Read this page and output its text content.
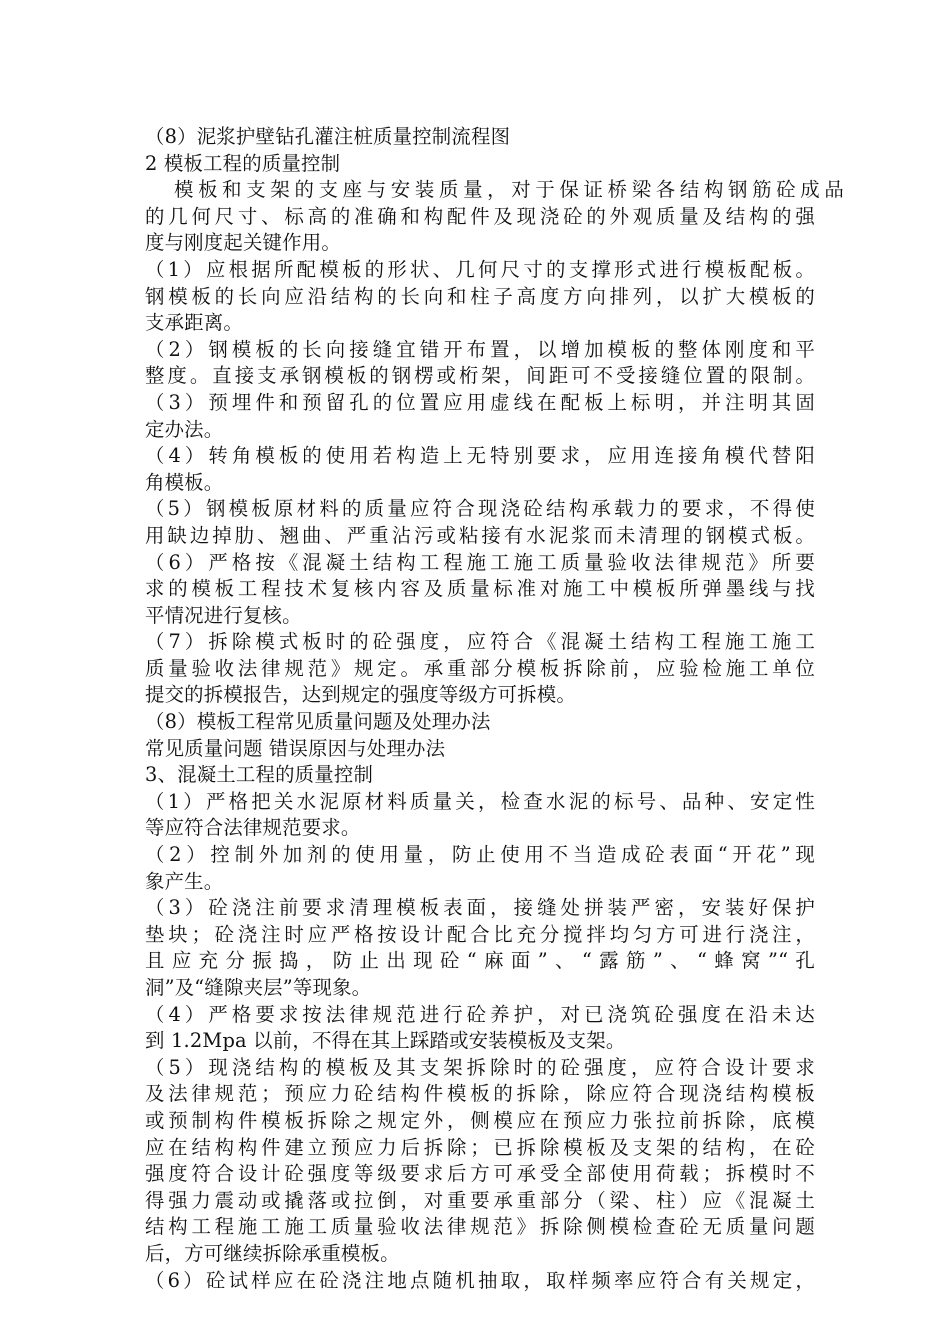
（8）泥浆护壁钻孔灌注桩质量控制流程图
2 模板工程的质量控制
模板和支架的支座与安装质量，对于保证桥梁各结构钢筋砼成品
的几何尺寸、标高的准确和构配件及现浇砼的外观质量及结构的强
度与刚度起关键作用。
（1）应根据所配模板的形状、几何尺寸的支撑形式进行模板配板。
钢模板的长向应沿结构的长向和柱子高度方向排列，以扩大模板的
支承距离。
（2）钢模板的长向接缝宜错开布置，以增加模板的整体刚度和平
整度。直接支承钢模板的钢楞或桁架，间距可不受接缝位置的限制。
（3）预埋件和预留孔的位置应用虚线在配板上标明，并注明其固
定办法。
（4）转角模板的使用若构造上无特别要求，应用连接角模代替阳
角模板。
（5）钢模板原材料的质量应符合现浇砼结构承载力的要求，不得使
用缺边掉肋、翘曲、严重沾污或粘接有水泥浆而未清理的钢模式板。
（6）严格按《混凝土结构工程施工施工质量验收法律规范》所要
求的模板工程技术复核内容及质量标准对施工中模板所弹墨线与找
平情况进行复核。
（7）拆除模式板时的砼强度，应符合《混凝土结构工程施工施工
质量验收法律规范》规定。承重部分模板拆除前，应验检施工单位
提交的拆模报告，达到规定的强度等级方可拆模。
（8）模板工程常见质量问题及处理办法
常见质量问题 错误原因与处理办法
3、混凝土工程的质量控制
（1）严格把关水泥原材料质量关，检查水泥的标号、品种、安定性
等应符合法律规范要求。
（2）控制外加剂的使用量，防止使用不当造成砼表面“开花”现
象产生。
（3）砼浇注前要求清理模板表面，接缝处拼装严密，安装好保护
垫块；砼浇注时应严格按设计配合比充分搅拌均匀方可进行浇注，
且应充分振捣，防止出现砼“麻面”、“露筋”、“蜂窝”“孔
洞”及“缝隙夹层”等现象。
（4）严格要求按法律规范进行砼养护，对已浇筑砼强度在沿未达
到 1.2Mpa 以前，不得在其上踩踏或安装模板及支架。
（5）现浇结构的模板及其支架拆除时的砼强度，应符合设计要求
及法律规范；预应力砼结构件模板的拆除，除应符合现浇结构模板
或预制构件模板拆除之规定外，侧模应在预应力张拉前拆除，底模
应在结构构件建立预应力后拆除；已拆除模板及支架的结构，在砼
强度符合设计砼强度等级要求后方可承受全部使用荷载；拆模时不
得强力震动或撬落或拉倒，对重要承重部分（梁、柱）应《混凝土
结构工程施工施工质量验收法律规范》拆除侧模检查砼无质量问题
后，方可继续拆除承重模板。
（6）砼试样应在砼浇注地点随机抽取，取样频率应符合有关规定，
